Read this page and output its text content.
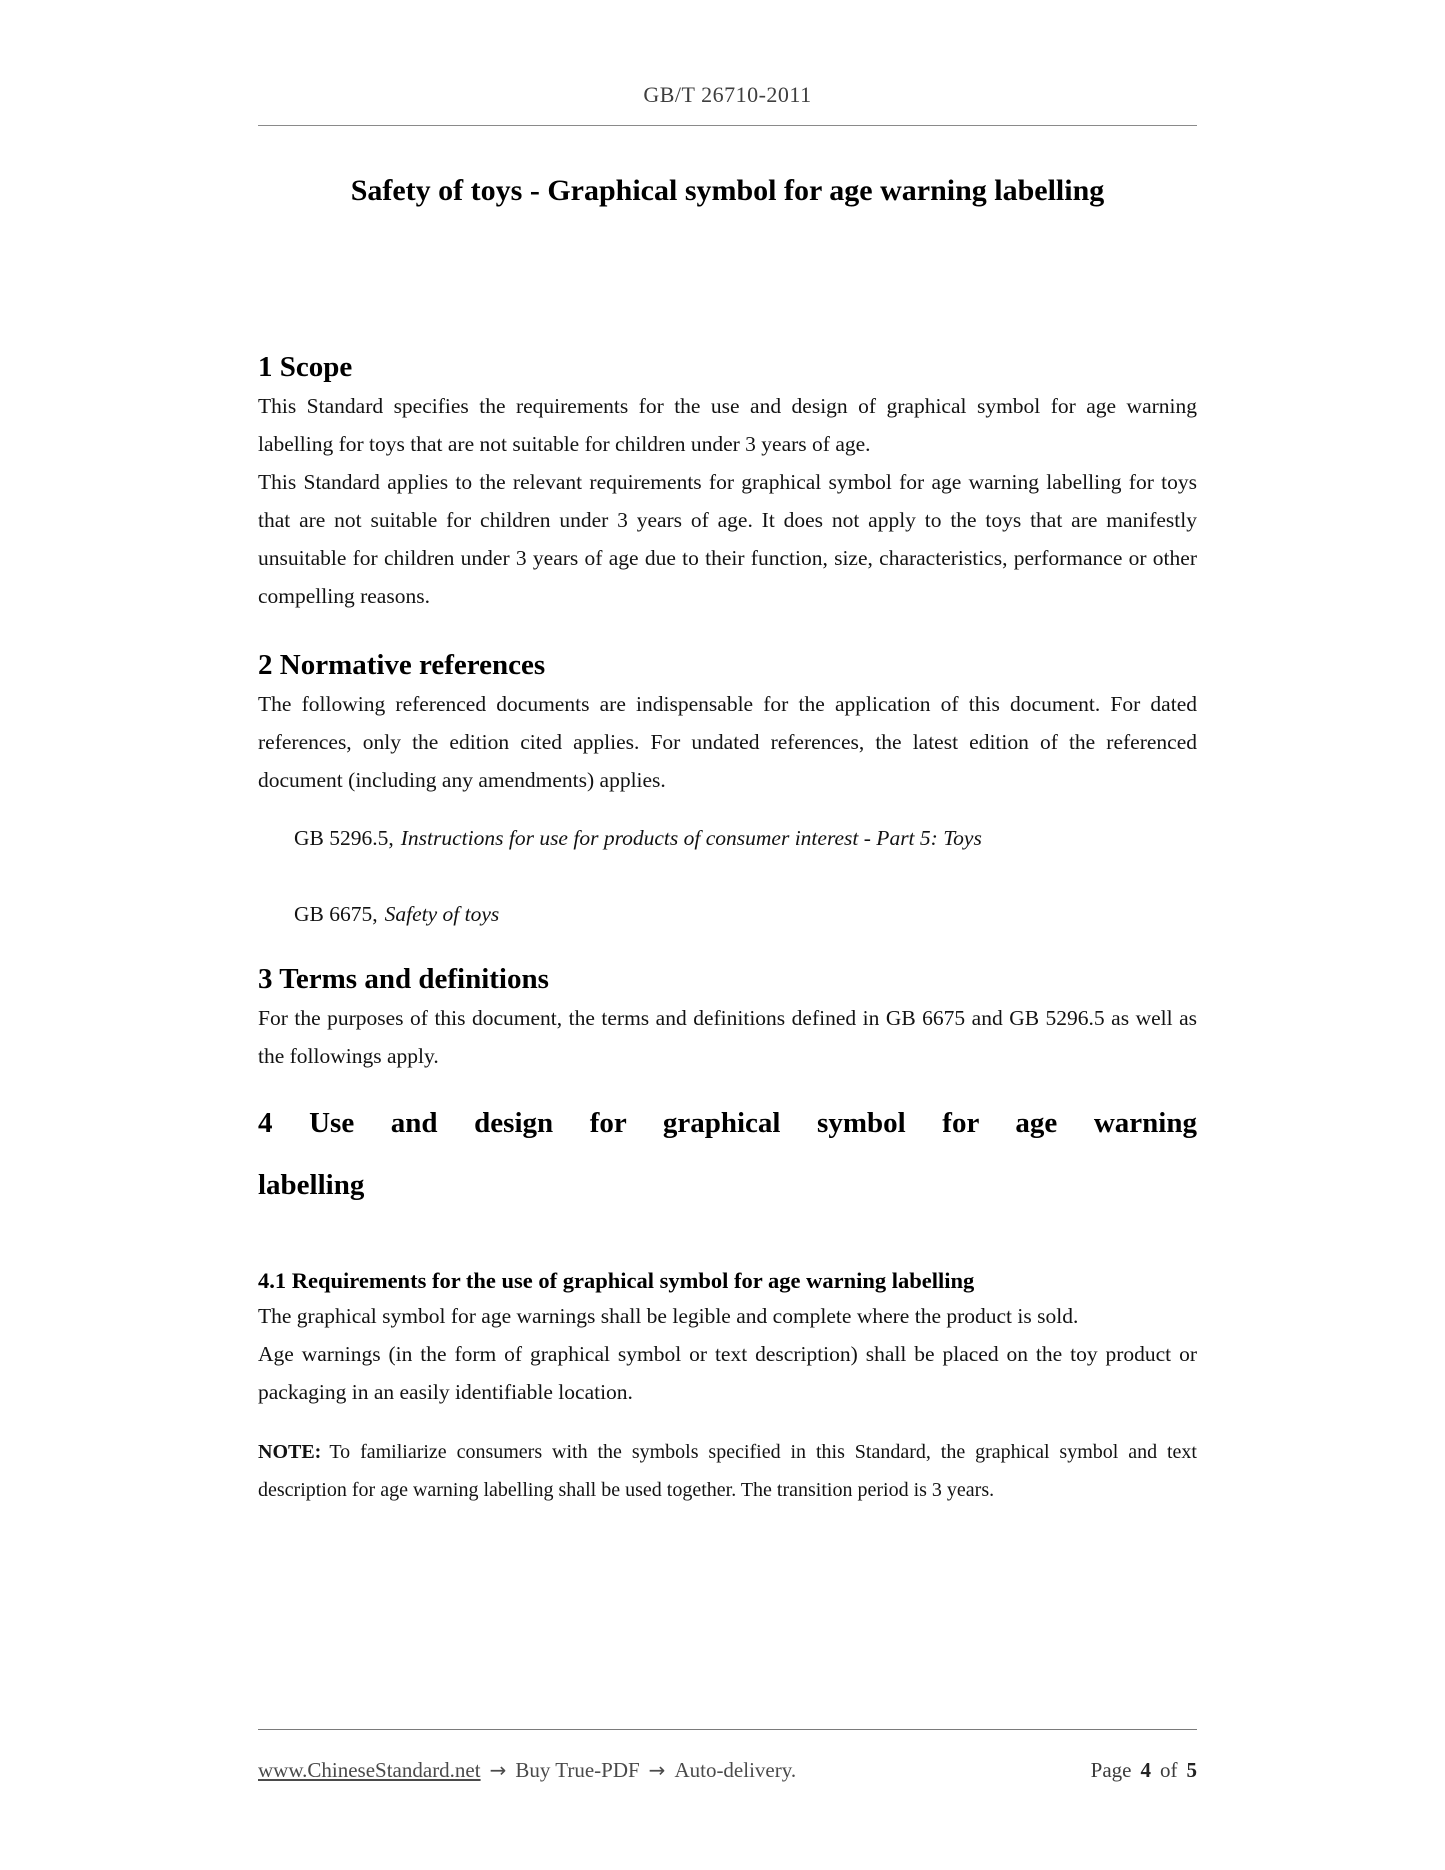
GB/T 26710-2011
Safety of toys - Graphical symbol for age warning labelling
1 Scope

This Standard specifies the requirements for the use and design of graphical symbol for age warning labelling for toys that are not suitable for children under 3 years of age.

This Standard applies to the relevant requirements for graphical symbol for age warning labelling for toys that are not suitable for children under 3 years of age. It does not apply to the toys that are manifestly unsuitable for children under 3 years of age due to their function, size, characteristics, performance or other compelling reasons.

2 Normative references

The following referenced documents are indispensable for the application of this document. For dated references, only the edition cited applies. For undated references, the latest edition of the referenced document (including any amendments) applies.

GB 5296.5, Instructions for use for products of consumer interest - Part 5: Toys

GB 6675, Safety of toys

3 Terms and definitions

For the purposes of this document, the terms and definitions defined in GB 6675 and GB 5296.5 as well as the followings apply.

4 Use and design for graphical symbol for age warning
labelling
4.1 Requirements for the use of graphical symbol for age warning labelling

The graphical symbol for age warnings shall be legible and complete where the product is sold.

Age warnings (in the form of graphical symbol or text description) shall be placed on the toy product or packaging in an easily identifiable location.

NOTE: To familiarize consumers with the symbols specified in this Standard, the graphical symbol and text description for age warning labelling shall be used together. The transition period is 3 years.

www.ChineseStandard.net → Buy True-PDF → Auto-delivery.	Page 4 of 5
